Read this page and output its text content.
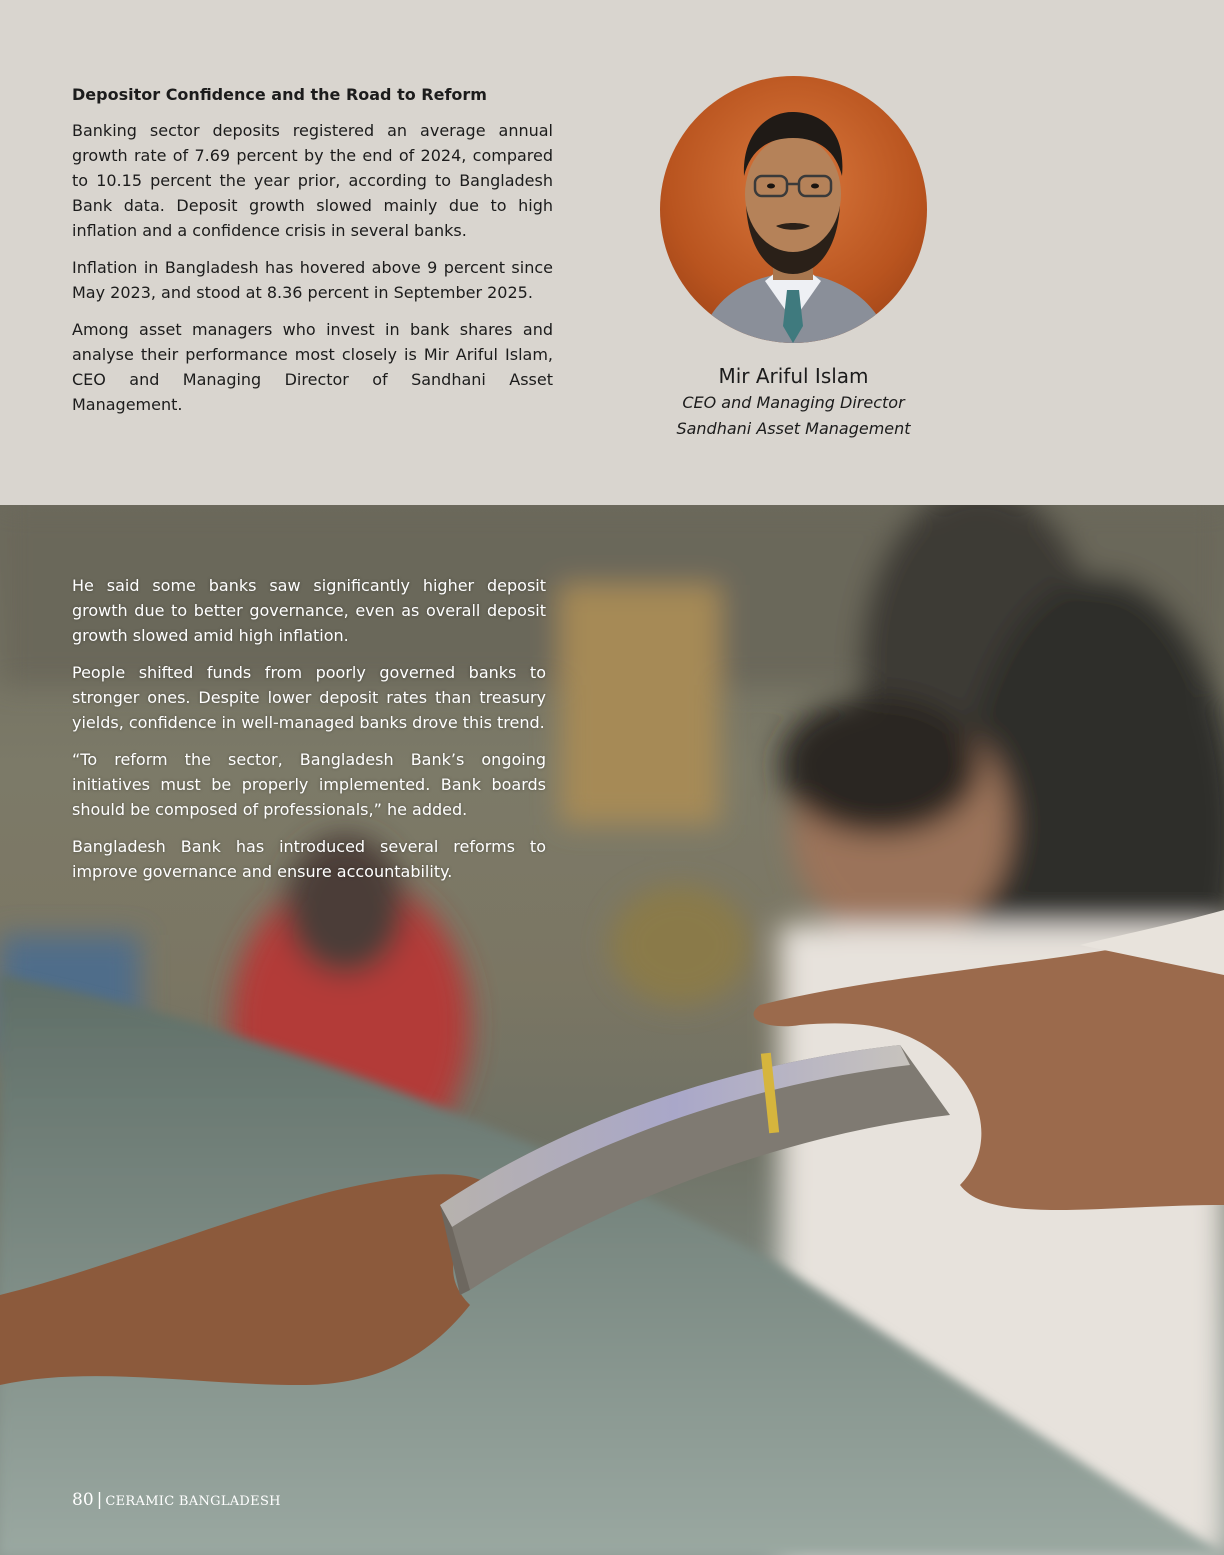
Depositor Confidence and the Road to Reform

Banking sector deposits registered an average annual growth rate of 7.69 percent by the end of 2024, compared to 10.15 percent the year prior, according to Bangladesh Bank data. Deposit growth slowed mainly due to high inflation and a confidence crisis in several banks.

Inflation in Bangladesh has hovered above 9 percent since May 2023, and stood at 8.36 percent in September 2025.

Among asset managers who invest in bank shares and analyse their performance most closely is Mir Ariful Islam, CEO and Managing Director of Sandhani Asset Management.

Mir Ariful Islam

CEO and Managing Director

Sandhani Asset Management

He said some banks saw significantly higher deposit growth due to better governance, even as overall deposit growth slowed amid high inflation.

People shifted funds from poorly governed banks to stronger ones. Despite lower deposit rates than treasury yields, confidence in well-managed banks drove this trend.

“To reform the sector, Bangladesh Bank’s ongoing initiatives must be properly implemented. Bank boards should be composed of professionals,” he added.

Bangladesh Bank has introduced several reforms to improve governance and ensure accountability.

80 | CERAMIC BANGLADESH
